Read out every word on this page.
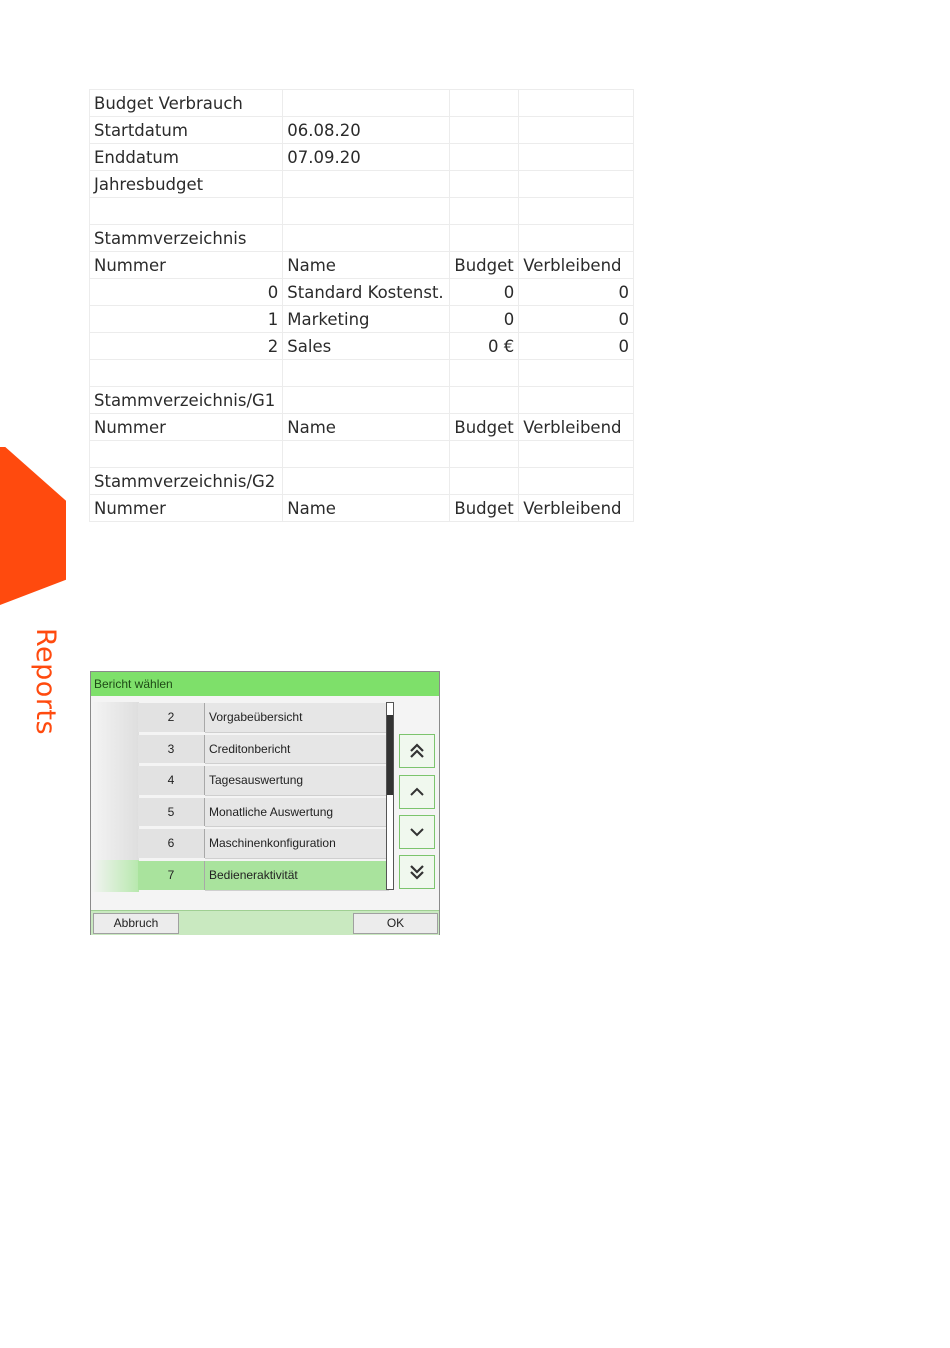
Reports
Budget Verbrauch			
Startdatum	06.08.20		
Enddatum	07.09.20		
Jahresbudget			

Stammverzeichnis			
Nummer	Name	Budget	Verbleibend
0	Standard Kostenst.	0	0
1	Marketing	0	0
2	Sales	0 €	0

Stammverzeichnis/G1			
Nummer	Name	Budget	Verbleibend

Stammverzeichnis/G2			
Nummer	Name	Budget	Verbleibend
Bericht wählen
2	Vorgabeübersicht
3	Creditonbericht
4	Tagesauswertung
5	Monatliche Auswertung
6	Maschinenkonfiguration
7	Bedieneraktivität
Abbruch	OK
